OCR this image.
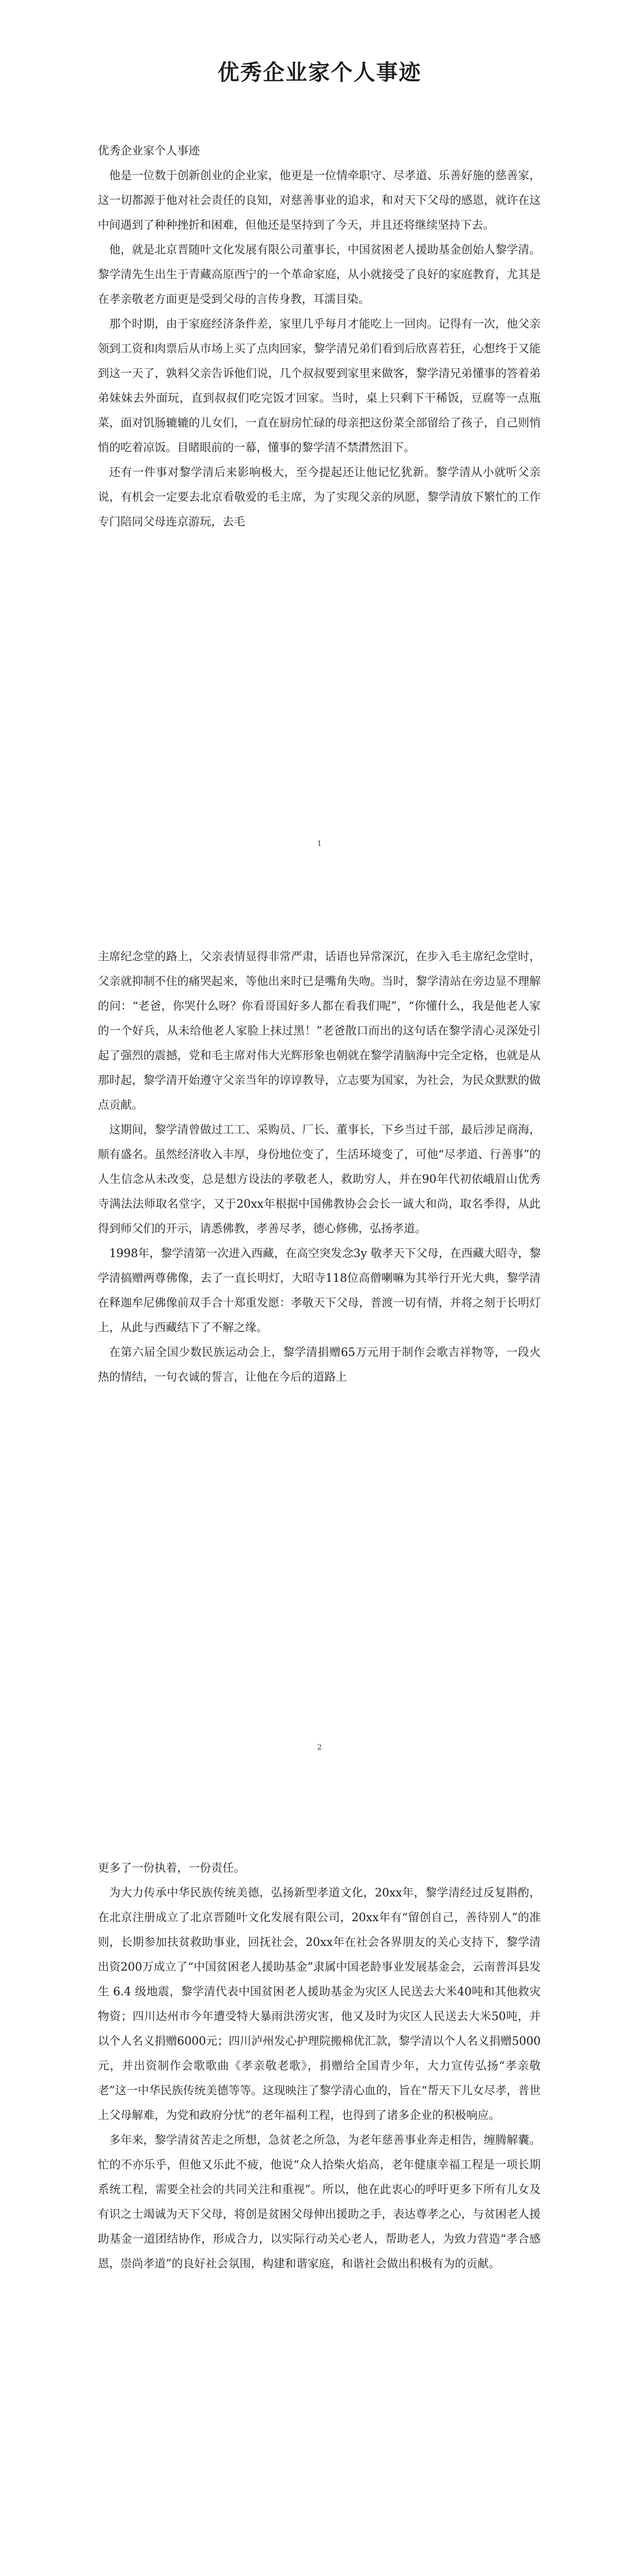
优秀企业家个人事迹

优秀企业家个人事迹

他是一位数于创新创业的企业家，他更是一位情牵职守、尽孝道、乐善好施的慈善家，这一切都源于他对社会责任的良知，对慈善事业的追求，和对天下父母的感恩，就许在这中间遇到了种种挫折和困难，但他还是坚持到了今天，并且还将继续坚持下去。

他，就是北京晋随叶文化发展有限公司董事长，中国贫困老人援助基金创始人黎学清。黎学清先生出生于青藏高原西宁的一个革命家庭，从小就接受了良好的家庭教育，尤其是在孝亲敬老方面更是受到父母的言传身教，耳濡目染。

那个时期，由于家庭经济条件差，家里几乎每月才能吃上一回肉。记得有一次，他父亲领到工资和肉票后从市场上买了点肉回家，黎学清兄弟们看到后欣喜若狂，心想终于又能到这一天了，孰料父亲告诉他们说，几个叔叔要到家里来做客，黎学清兄弟懂事的答着弟弟妹妹去外面玩，直到叔叔们吃完饭才回家。当时，桌上只剩下干稀饭，豆腐等一点瓶菜，面对饥肠辘辘的儿女们，一直在厨房忙碌的母亲把这份菜全部留给了孩子，自己则悄悄的吃着凉饭。目睹眼前的一幕，懂事的黎学清不禁潸然泪下。

还有一件事对黎学清后来影响极大，至今提起还让他记忆犹新。黎学清从小就听父亲说，有机会一定要去北京看敬爱的毛主席，为了实现父亲的夙愿，黎学清放下繁忙的工作专门陪同父母连京游玩，去毛

1

主席纪念堂的路上，父亲表情显得非常严肃，话语也异常深沉，在步入毛主席纪念堂时，父亲就抑制不住的痛哭起来，等他出来时已是嘴角失吻。当时，黎学清站在旁边显不理解的问：“老爸，你哭什么呀？你看哥国好多人都在看我们呢”，“你懂什么，我是他老人家的一个好兵，从未给他老人家脸上抹过黑！”老爸散口而出的这句话在黎学清心灵深处引起了强烈的震撼，党和毛主席对伟大光辉形象也朝就在黎学清脑海中完全定格，也就是从那时起，黎学清开始遵守父亲当年的谆谆教导，立志要为国家，为社会，为民众默默的做点贡献。

这期间，黎学清曾做过工工、采购员、厂长、董事长，下乡当过千部，最后涉足商海，顺有盛名。虽然经济收入丰厚，身份地位变了，生活环境变了，可他“尽孝道、行善事”的人生信念从未改变，总是想方设法的孝敬老人，救助穷人，并在90年代初依峨眉山优秀寺满法法师取名堂字，又于20xx年根据中国佛教协会会长一诚大和尚，取名季得，从此得到师父们的开示，请悉佛教，孝善尽孝，德心修佛，弘扬孝道。

1998年，黎学清第一次进入西藏，在高空突发念3y 敬孝天下父母，在西藏大昭寺，黎学清搞赠两尊佛像，去了一直长明灯，大昭寺118位高僧喇嘛为其举行开光大典，黎学清在释迦牟尼佛像前双手合十郑重发愿：孝敬天下父母，普渡一切有情，并将之刻于长明灯上，从此与西藏结下了不解之缘。

在第六届全国少数民族运动会上，黎学清捐赠65万元用于制作会歌吉祥物等，一段火热的情结，一句衣诚的誓言，让他在今后的道路上

2

更多了一份执着，一份责任。

为大力传承中华民族传统美德，弘扬新型孝道文化，20xx年，黎学清经过反复斟酌，在北京注册成立了北京晋随叶文化发展有限公司，20xx年有“留创自己，善待别人”的准则，长期参加扶贫救助事业，回抚社会，20xx年在社会各界朋友的关心支持下，黎学清出资200万成立了“中国贫困老人援助基金”隶属中国老龄事业发展基金会，云南普洱县发生 6.4 级地震，黎学清代表中国贫困老人援助基金为灾区人民送去大米40吨和其他救灾物资；四川达州市今年遭受特大暴雨洪涝灾害，他又及时为灾区人民送去大米50吨，并以个人名义捐赠6000元；四川泸州发心护理院搬棉优汇款，黎学清以个人名义捐赠5000元，并出资制作会歌歌曲《孝亲敬老歌》，捐赠给全国青少年，大力宣传弘扬“孝亲敬老”这一中华民族传统美德等等。这现映注了黎学清心血的，旨在“帮天下儿女尽孝，普世上父母解难，为党和政府分忧”的老年福利工程，也得到了诸多企业的积极响应。

多年来，黎学清贫苦走之所想，急贫老之所急，为老年慈善事业奔走相告，缠腾解囊。忙的不亦乐乎，但他又乐此不疲，他说“众人拾柴火焰高，老年健康幸福工程是一项长期系统工程，需要全社会的共同关注和重视”。所以，他在此衷心的呼吁更多下所有儿女及有识之士竭诚为天下父母，将创是贫困父母伸出援助之手，表达尊孝之心，与贫困老人援助基金一道团结协作，形成合力，以实际行动关心老人，帮助老人，为致力营造“孝合感恩，崇尚孝道”的良好社会氛围，构建和谐家庭，和谐社会做出积极有为的贡献。
